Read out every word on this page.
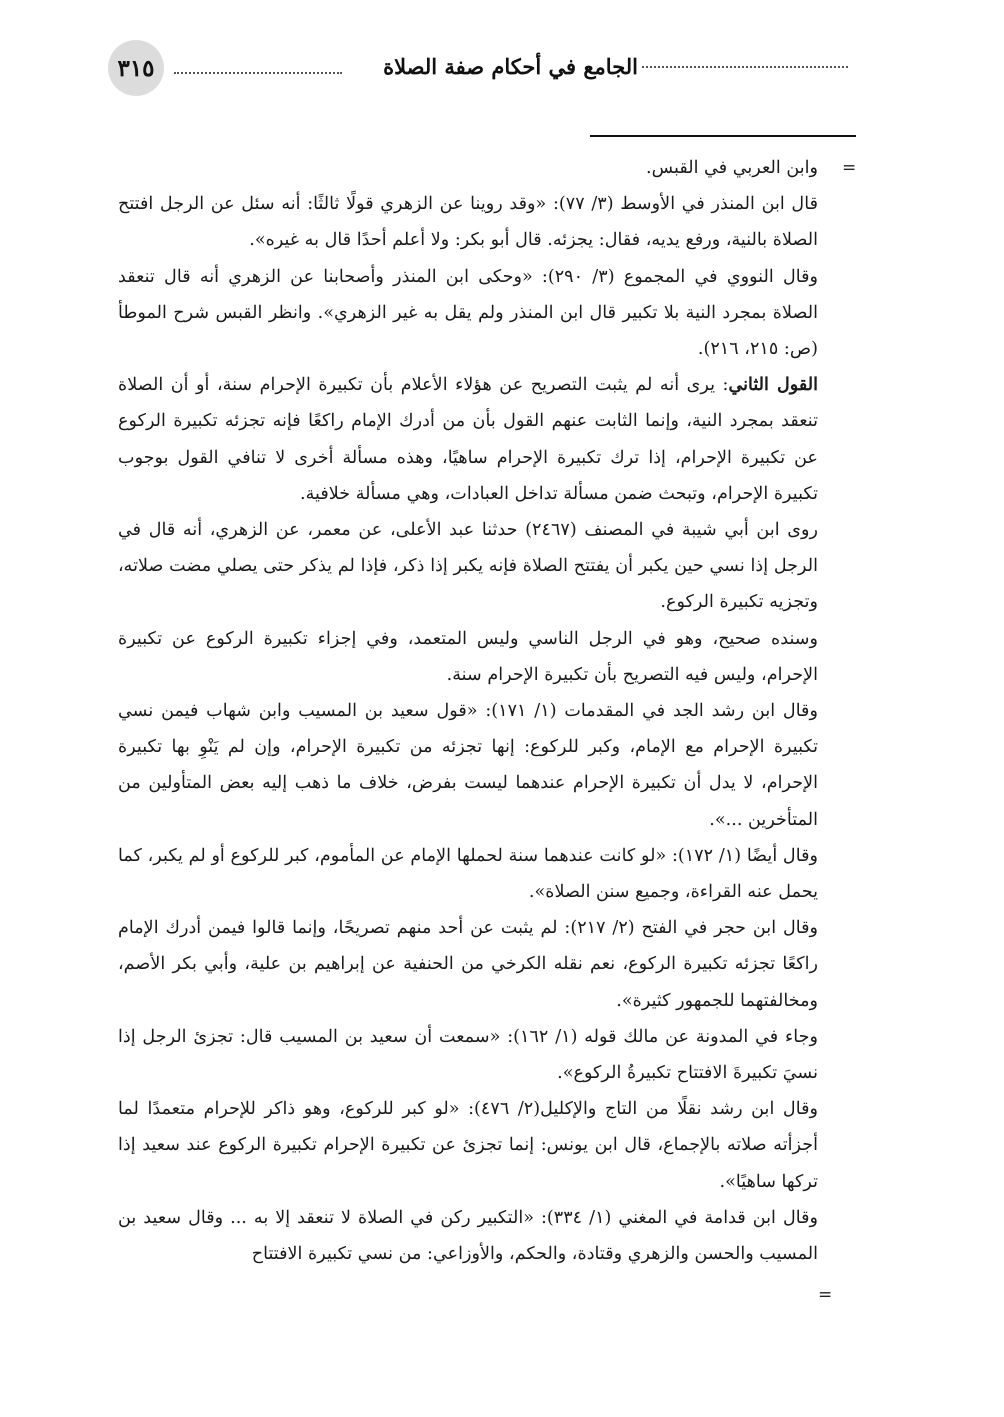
الجامع في أحكام صفة الصلاة
٣١٥
=

وابن العربي في القبس.

قال ابن المنذر في الأوسط (٣/ ٧٧): «وقد روينا عن الزهري قولًا ثالثًا: أنه سئل عن الرجل افتتح الصلاة بالنية، ورفع يديه، فقال: يجزئه. قال أبو بكر: ولا أعلم أحدًا قال به غيره».

وقال النووي في المجموع (٣/ ٢٩٠): «وحكى ابن المنذر وأصحابنا عن الزهري أنه قال تنعقد الصلاة بمجرد النية بلا تكبير قال ابن المنذر ولم يقل به غير الزهري». وانظر القبس شرح الموطأ (ص: ٢١٥، ٢١٦).

القول الثاني: يرى أنه لم يثبت التصريح عن هؤلاء الأعلام بأن تكبيرة الإحرام سنة، أو أن الصلاة تنعقد بمجرد النية، وإنما الثابت عنهم القول بأن من أدرك الإمام راكعًا فإنه تجزئه تكبيرة الركوع عن تكبيرة الإحرام، إذا ترك تكبيرة الإحرام ساهيًا، وهذه مسألة أخرى لا تنافي القول بوجوب تكبيرة الإحرام، وتبحث ضمن مسألة تداخل العبادات، وهي مسألة خلافية.

روى ابن أبي شيبة في المصنف (٢٤٦٧) حدثنا عبد الأعلى، عن معمر، عن الزهري، أنه قال في الرجل إذا نسي حين يكبر أن يفتتح الصلاة فإنه يكبر إذا ذكر، فإذا لم يذكر حتى يصلي مضت صلاته، وتجزيه تكبيرة الركوع.

وسنده صحيح، وهو في الرجل الناسي وليس المتعمد، وفي إجزاء تكبيرة الركوع عن تكبيرة الإحرام، وليس فيه التصريح بأن تكبيرة الإحرام سنة.

وقال ابن رشد الجد في المقدمات (١/ ١٧١): «قول سعيد بن المسيب وابن شهاب فيمن نسي تكبيرة الإحرام مع الإمام، وكبر للركوع: إنها تجزئه من تكبيرة الإحرام، وإن لم يَنْوِ بها تكبيرة الإحرام، لا يدل أن تكبيرة الإحرام عندهما ليست بفرض، خلاف ما ذهب إليه بعض المتأولين من المتأخرين ...».

وقال أيضًا (١/ ١٧٢): «لو كانت عندهما سنة لحملها الإمام عن المأموم، كبر للركوع أو لم يكبر، كما يحمل عنه القراءة، وجميع سنن الصلاة».

وقال ابن حجر في الفتح (٢/ ٢١٧): لم يثبت عن أحد منهم تصريحًا، وإنما قالوا فيمن أدرك الإمام راكعًا تجزئه تكبيرة الركوع، نعم نقله الكرخي من الحنفية عن إبراهيم بن علية، وأبي بكر الأصم، ومخالفتهما للجمهور كثيرة».

وجاء في المدونة عن مالك قوله (١/ ١٦٢): «سمعت أن سعيد بن المسيب قال: تجزئ الرجل إذا نسيَ تكبيرةَ الافتتاح تكبيرةُ الركوع».

وقال ابن رشد نقلًا من التاج والإكليل(٢/ ٤٧٦): «لو كبر للركوع، وهو ذاكر للإحرام متعمدًا لما أجزأته صلاته بالإجماع، قال ابن يونس: إنما تجزئ عن تكبيرة الإحرام تكبيرة الركوع عند سعيد إذا تركها ساهيًا».

وقال ابن قدامة في المغني (١/ ٣٣٤): «التكبير ركن في الصلاة لا تنعقد إلا به ... وقال سعيد بن المسيب والحسن والزهري وقتادة، والحكم، والأوزاعي: من نسي تكبيرة الافتتاح

=
